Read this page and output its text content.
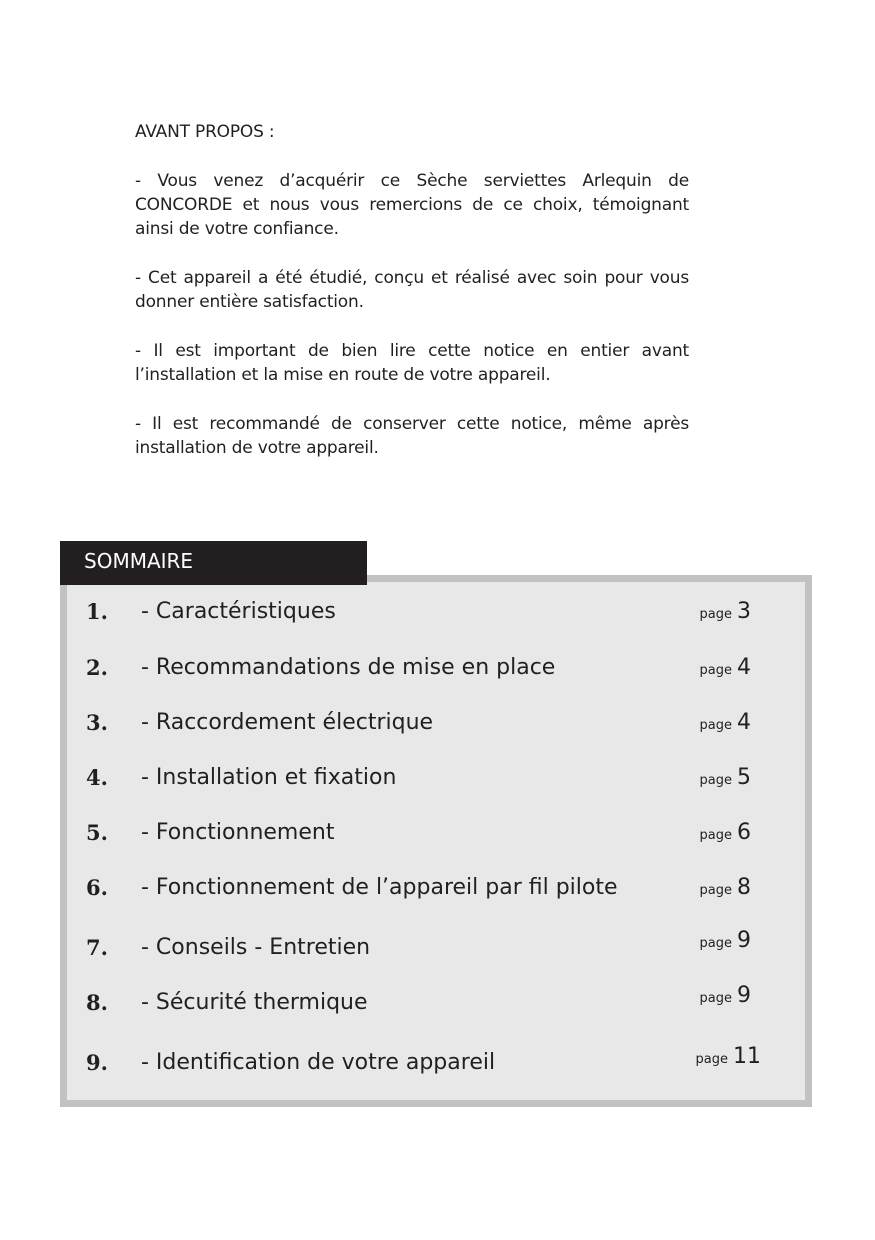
AVANT PROPOS :

- Vous venez d’acquérir ce Sèche serviettes Arlequin de CONCORDE et nous vous remercions de ce choix, témoignant ainsi de votre confiance.

- Cet appareil a été étudié, conçu et réalisé avec soin pour vous donner entière satisfaction.

- Il est important de bien lire cette notice en entier avant l’installation et la mise en route de votre appareil.

- Il est recommandé de conserver cette notice, même après installation de votre appareil.

SOMMAIRE
1. - Caractéristiques	page 3
2. - Recommandations de mise en place	page 4
3. - Raccordement électrique	page 4
4. - Installation et fixation	page 5
5. - Fonctionnement	page 6
6. - Fonctionnement de l’appareil par fil pilote	page 8
7. - Conseils - Entretien	page 9
8. - Sécurité thermique	page 9
9. - Identification de votre appareil	page 11
